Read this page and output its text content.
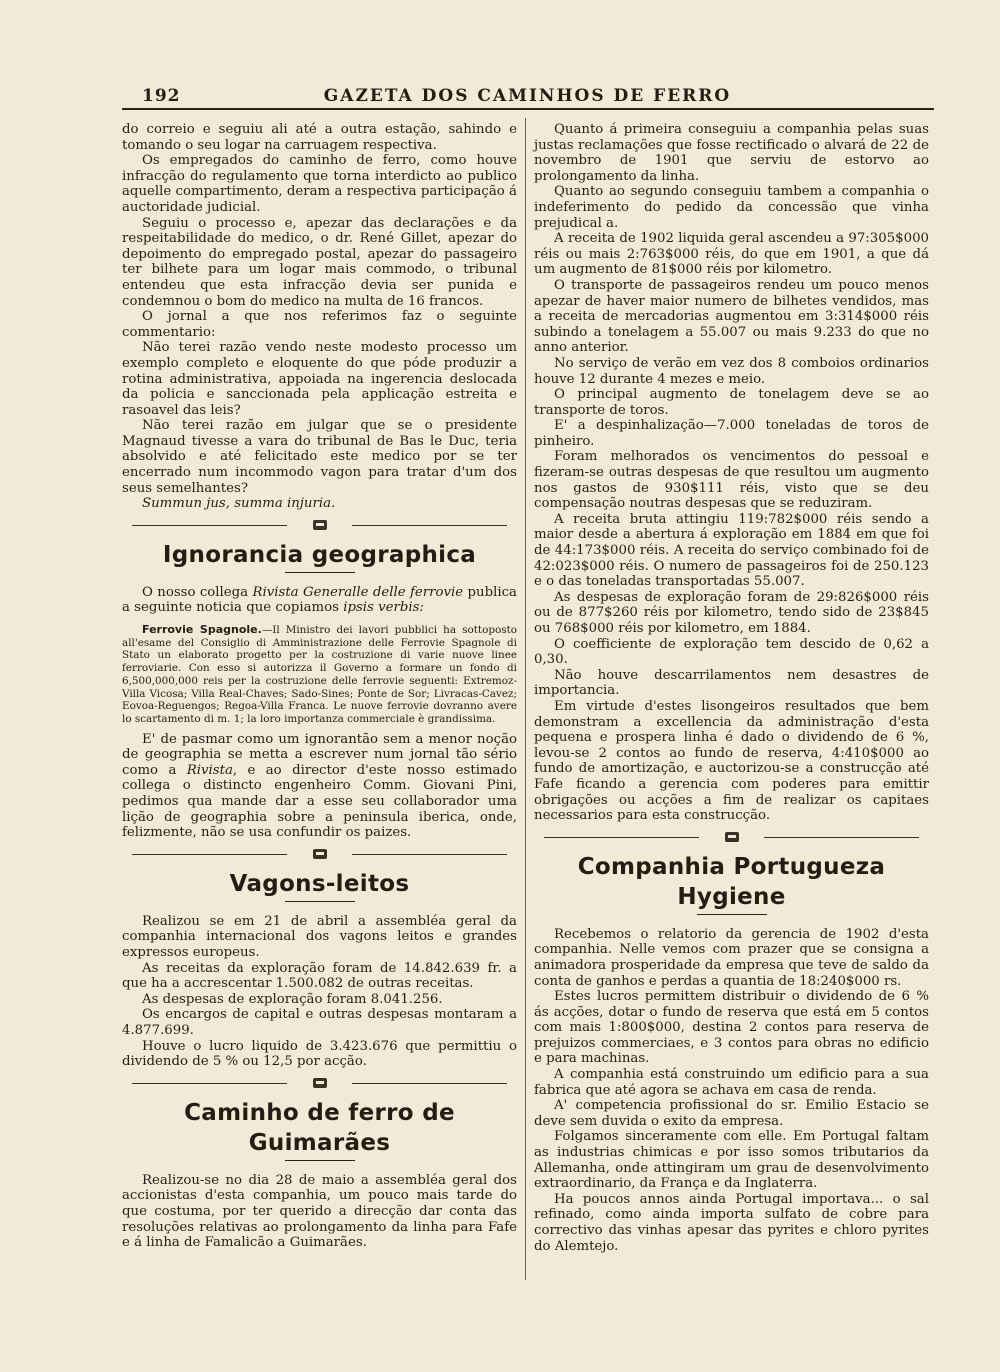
192	GAZETA DOS CAMINHOS DE FERRO

do correio e seguiu ali até a outra estação, sahindo e tomando o seu logar na carruagem respectiva.

Os empregados do caminho de ferro, como houve infracção do regulamento que torna interdicto ao publico aquelle compartimento, deram a respectiva participação á auctoridade judicial.

Seguiu o processo e, apezar das declarações e da respeitabilidade do medico, o dr. René Gillet, apezar do depoimento do empregado postal, apezar do passageiro ter bilhete para um logar mais commodo, o tribunal entendeu que esta infracção devia ser punida e condemnou o bom do medico na multa de 16 francos.

O jornal a que nos referimos faz o seguinte commentario:

Não terei razão vendo neste modesto processo um exemplo completo e eloquente do que póde produzir a rotina administrativa, appoiada na ingerencia deslocada da policia e sanccionada pela applicação estreita e rasoavel das leis?

Não terei razão em julgar que se o presidente Magnaud tivesse a vara do tribunal de Bas le Duc, teria absolvido e até felicitado este medico por se ter encerrado num incommodo vagon para tratar d'um dos seus semelhantes?

Summun jus, summa injuria.

Ignorancia geographica

O nosso collega Rivista Generalle delle ferrovie publica a seguinte noticia que copiamos ipsis verbis:

Ferrovie Spagnole.—Il Ministro dei lavori pubblici ha sottoposto all'esame del Consiglio di Amministrazione delle Ferrovie Spagnole di Stato un elaborato progetto per la costruzione di varie nuove linee ferroviarie. Con esso si autorizza il Governo a formare un fondo di 6,500,000,000 reis per la costruzione delle ferrovie seguenti: Extremoz-Villa Vicosa; Villa Real-Chaves; Sado-Sines; Ponte de Sor; Livracas-Cavez; Eovoa-Reguengos; Regoa-Villa Franca. Le nuove ferrovie dovranno avere lo scartamento di m. 1; la loro importanza commerciale è grandissima.

E' de pasmar como um ignorantão sem a menor noção de geographia se metta a escrever num jornal tão sério como a Rivista, e ao director d'este nosso estimado collega o distincto engenheiro Comm. Giovani Pini, pedimos qua mande dar a esse seu collaborador uma lição de geographia sobre a peninsula iberica, onde, felizmente, não se usa confundir os paizes.

Vagons-leitos

Realizou se em 21 de abril a assembléa geral da companhia internacional dos vagons leitos e grandes expressos europeus.

As receitas da exploração foram de 14.842.639 fr. a que ha a accrescentar 1.500.082 de outras receitas.

As despesas de exploração foram 8.041.256.

Os encargos de capital e outras despesas montaram a 4.877.699.

Houve o lucro liquido de 3.423.676 que permittiu o dividendo de 5 % ou 12,5 por acção.

Caminho de ferro de Guimarães

Realizou-se no dia 28 de maio a assembléa geral dos accionistas d'esta companhia, um pouco mais tarde do que costuma, por ter querido a direcção dar conta das resoluções relativas ao prolongamento da linha para Fafe e á linha de Famalicão a Guimarães.

Quanto á primeira conseguiu a companhia pelas suas justas reclamações que fosse rectificado o alvará de 22 de novembro de 1901 que serviu de estorvo ao prolongamento da linha.

Quanto ao segundo conseguiu tambem a companhia o indeferimento do pedido da concessão que vinha prejudical a.

A receita de 1902 liquida geral ascendeu a 97:305$000 réis ou mais 2:763$000 réis, do que em 1901, a que dá um augmento de 81$000 réis por kilometro.

O transporte de passageiros rendeu um pouco menos apezar de haver maior numero de bilhetes vendidos, mas a receita de mercadorias augmentou em 3:314$000 réis subindo a tonelagem a 55.007 ou mais 9.233 do que no anno anterior.

No serviço de verão em vez dos 8 comboios ordinarios houve 12 durante 4 mezes e meio.

O principal augmento de tonelagem deve se ao transporte de toros.

E' a despinhalização—7.000 toneladas de toros de pinheiro.

Foram melhorados os vencimentos do pessoal e fizeram-se outras despesas de que resultou um augmento nos gastos de 930$111 réis, visto que se deu compensação noutras despesas que se reduziram.

A receita bruta attingiu 119:782$000 réis sendo a maior desde a abertura á exploração em 1884 em que foi de 44:173$000 réis. A receita do serviço combinado foi de 42:023$000 réis. O numero de passageiros foi de 250.123 e o das toneladas transportadas 55.007.

As despesas de exploração foram de 29:826$000 réis ou de 877$260 réis por kilometro, tendo sido de 23$845 ou 768$000 réis por kilometro, em 1884.

O coefficiente de exploração tem descido de 0,62 a 0,30.

Não houve descarrilamentos nem desastres de importancia.

Em virtude d'estes lisongeiros resultados que bem demonstram a excellencia da administração d'esta pequena e prospera linha é dado o dividendo de 6 %, levou-se 2 contos ao fundo de reserva, 4:410$000 ao fundo de amortização, e auctorizou-se a construcção até Fafe ficando a gerencia com poderes para emittir obrigações ou acções a fim de realizar os capitaes necessarios para esta construcção.

Companhia Portugueza Hygiene

Recebemos o relatorio da gerencia de 1902 d'esta companhia. Nelle vemos com prazer que se consigna a animadora prosperidade da empresa que teve de saldo da conta de ganhos e perdas a quantia de 18:240$000 rs.

Estes lucros permittem distribuir o dividendo de 6 % ás acções, dotar o fundo de reserva que está em 5 contos com mais 1:800$000, destina 2 contos para reserva de prejuizos commerciaes, e 3 contos para obras no edificio e para machinas.

A companhia está construindo um edificio para a sua fabrica que até agora se achava em casa de renda.

A' competencia profissional do sr. Emilio Estacio se deve sem duvida o exito da empresa.

Folgamos sinceramente com elle. Em Portugal faltam as industrias chimicas e por isso somos tributarios da Allemanha, onde attingiram um grau de desenvolvimento extraordinario, da França e da Inglaterra.

Ha poucos annos ainda Portugal importava... o sal refinado, como ainda importa sulfato de cobre para correctivo das vinhas apesar das pyrites e chloro pyrites do Alemtejo.
